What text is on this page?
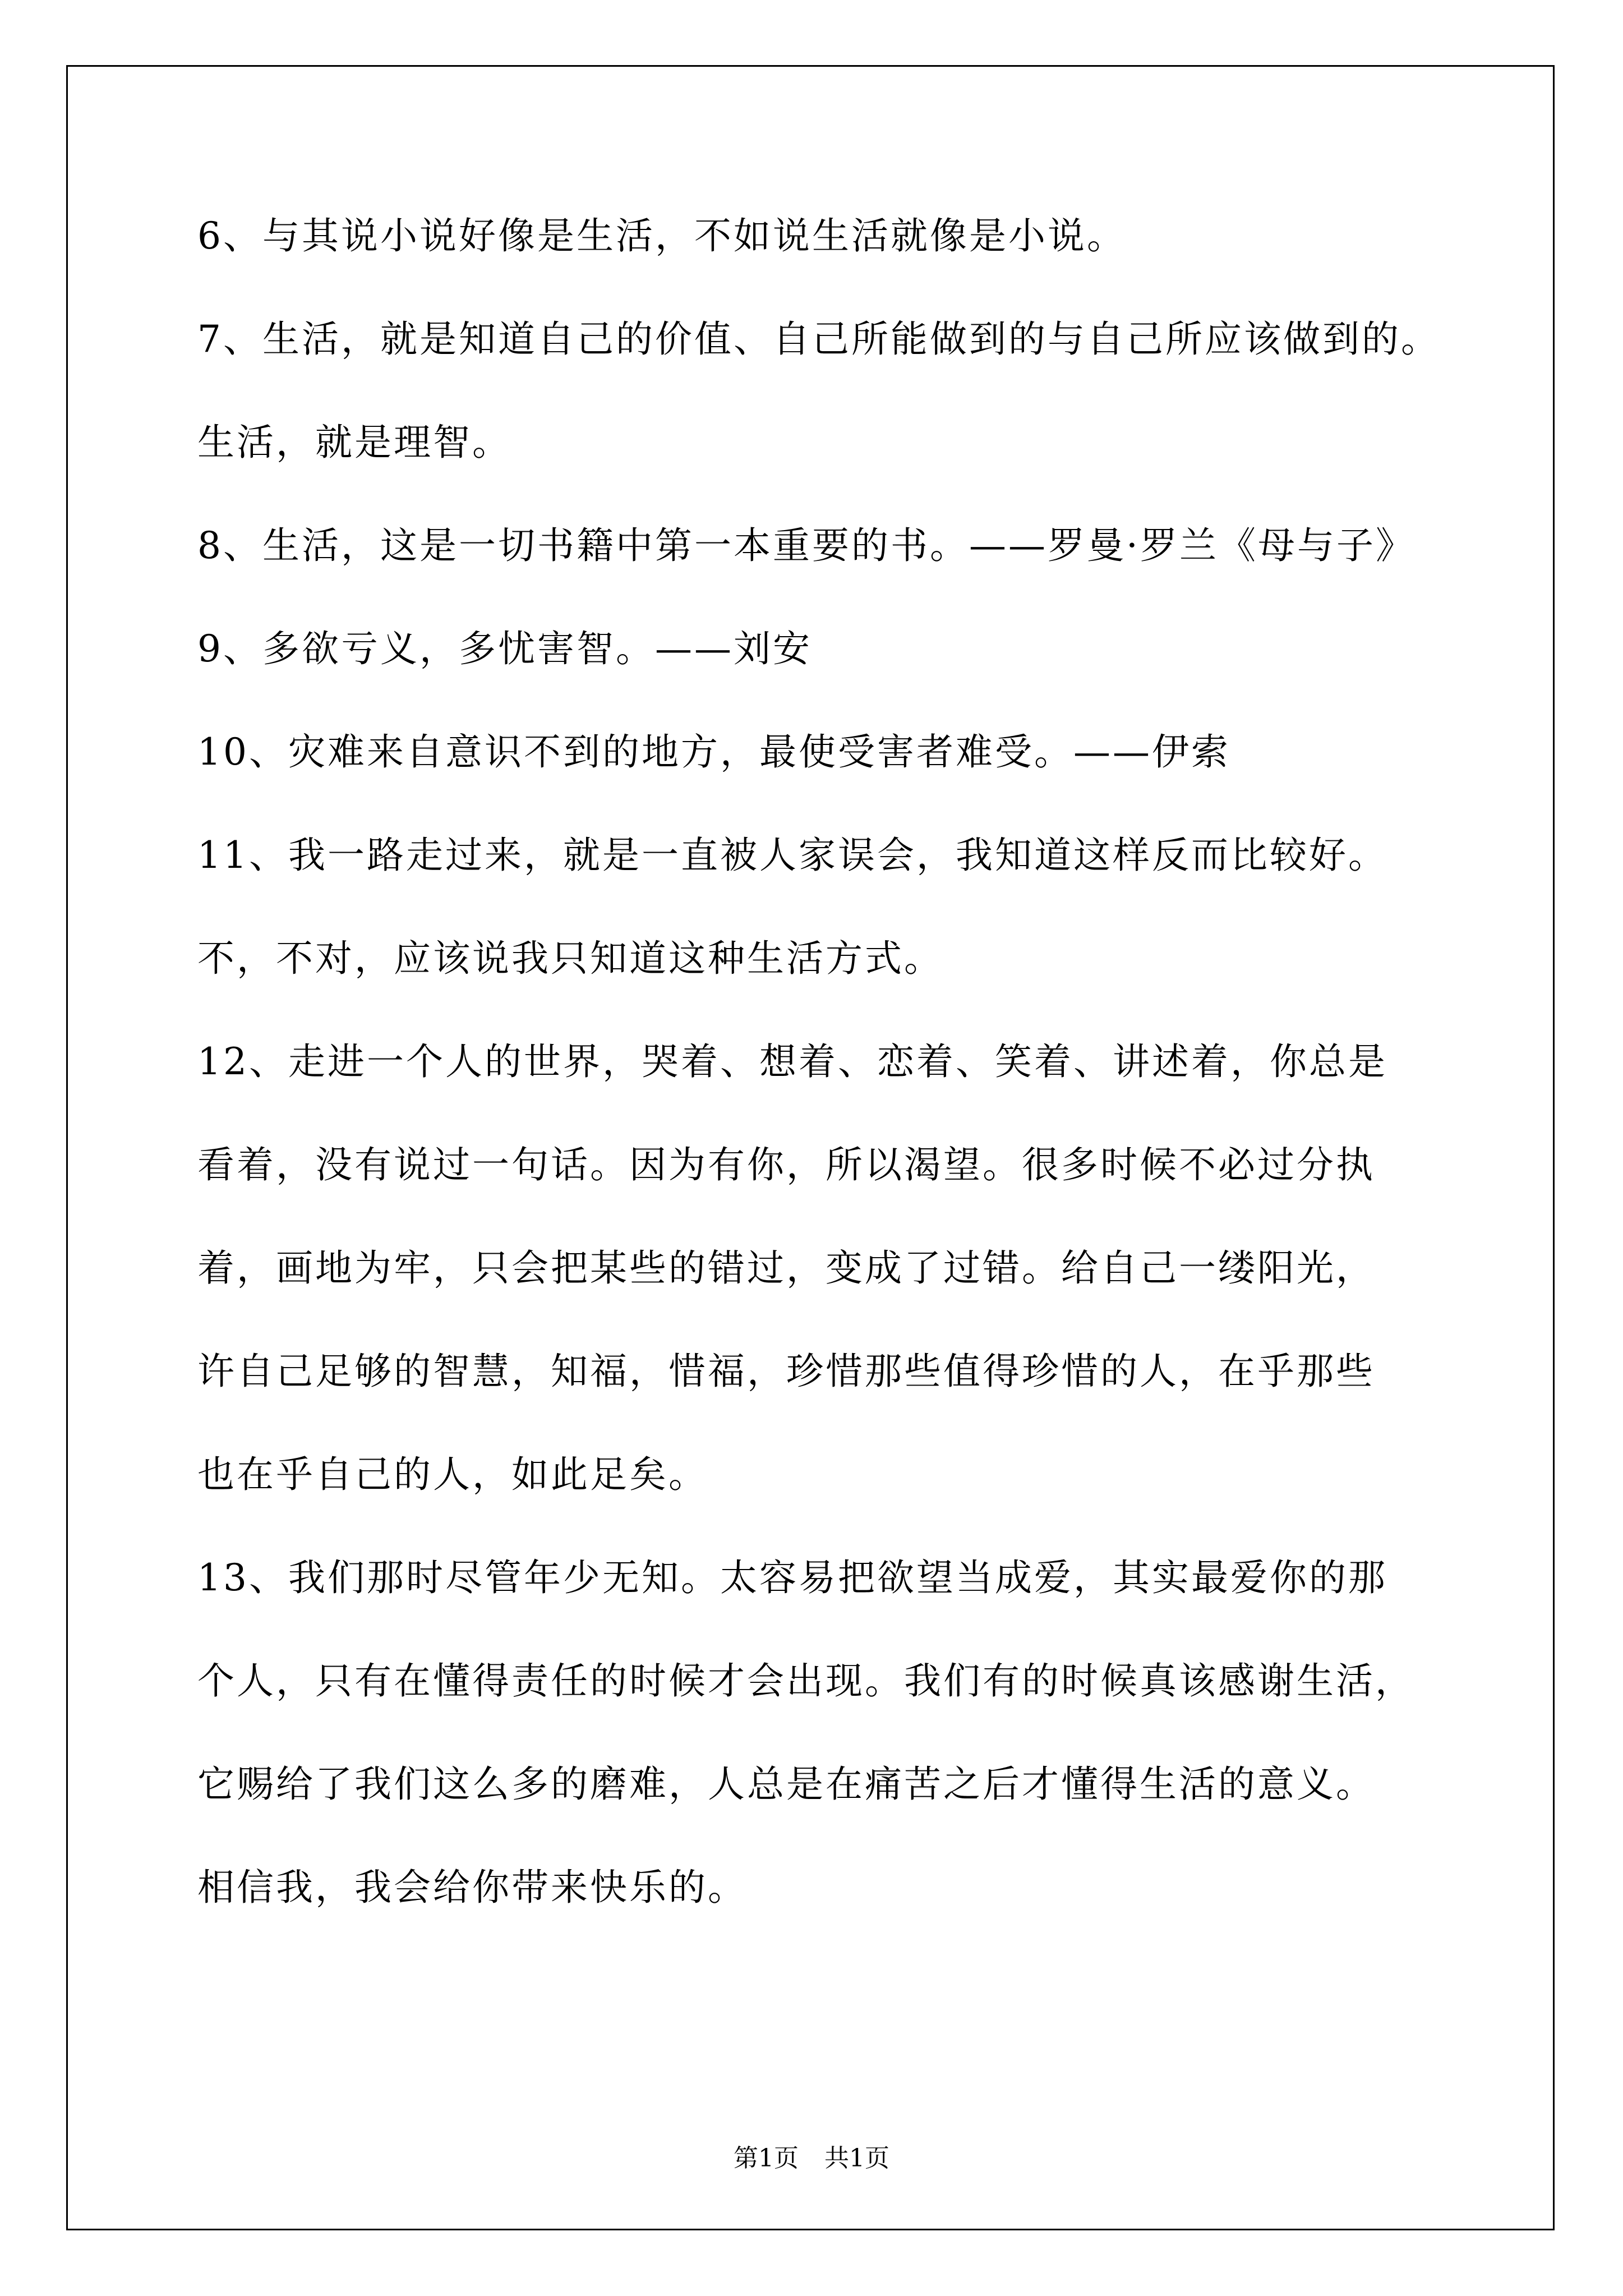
6、与其说小说好像是生活，不如说生活就像是小说。
7、生活，就是知道自己的价值、自己所能做到的与自己所应该做到的。
生活，就是理智。
8、生活，这是一切书籍中第一本重要的书。——罗曼·罗兰《母与子》
9、多欲亏义，多忧害智。——刘安
10、灾难来自意识不到的地方，最使受害者难受。——伊索
11、我一路走过来，就是一直被人家误会，我知道这样反而比较好。
不，不对，应该说我只知道这种生活方式。
12、走进一个人的世界，哭着、想着、恋着、笑着、讲述着，你总是
看着，没有说过一句话。因为有你，所以渴望。很多时候不必过分执
着，画地为牢，只会把某些的错过，变成了过错。给自己一缕阳光，
许自己足够的智慧，知福，惜福，珍惜那些值得珍惜的人，在乎那些
也在乎自己的人，如此足矣。
13、我们那时尽管年少无知。太容易把欲望当成爱，其实最爱你的那
个人，只有在懂得责任的时候才会出现。我们有的时候真该感谢生活，
它赐给了我们这么多的磨难，人总是在痛苦之后才懂得生活的意义。
相信我，我会给你带来快乐的。
第1页 共1页
